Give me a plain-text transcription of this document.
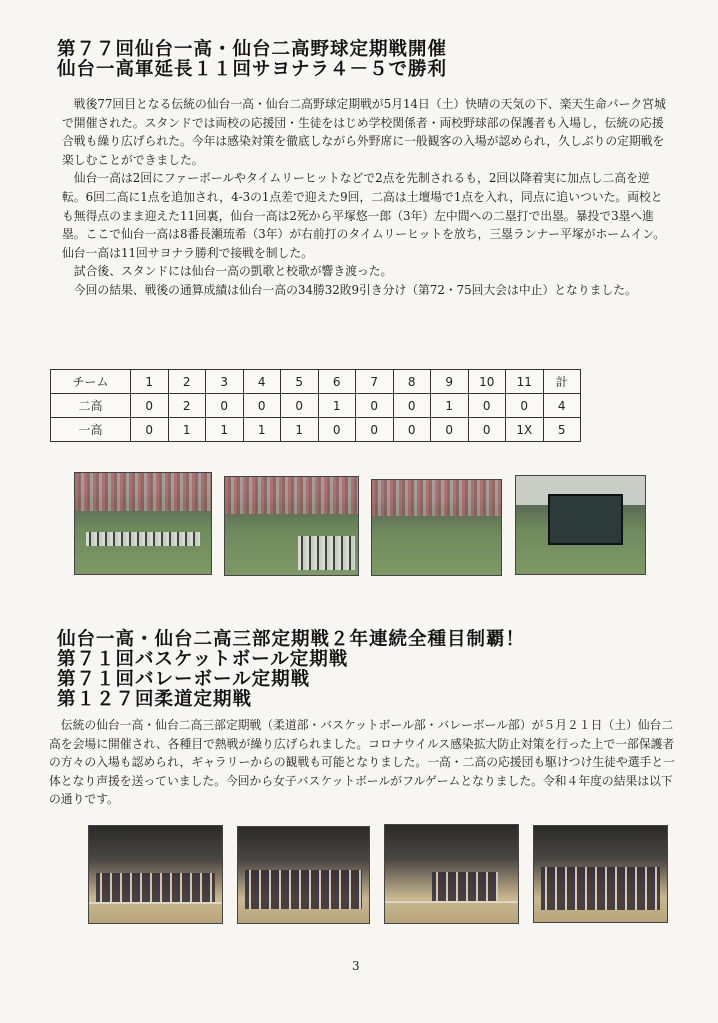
第７７回仙台一高・仙台二高野球定期戦開催

仙台一高軍延長１１回サヨナラ４－５で勝利

戦後77回目となる伝統の仙台一高・仙台二高野球定期戦が5月14日（土）快晴の天気の下、楽天生命パーク宮城で開催された。スタンドでは両校の応援団・生徒をはじめ学校関係者・両校野球部の保護者も入場し，伝統の応援合戦も繰り広げられた。今年は感染対策を徹底しながら外野席に一般観客の入場が認められ，久しぶりの定期戦を楽しむことができました。

仙台一高は2回にファーボールやタイムリーヒットなどで2点を先制されるも，2回以降着実に加点し二高を逆転。6回二高に1点を追加され，4-3の1点差で迎えた9回，二高は土壇場で1点を入れ，同点に追いついた。両校とも無得点のまま迎えた11回裏，仙台一高は2死から平塚悠一郎（3年）左中間への二塁打で出塁。暴投で3塁へ進塁。ここで仙台一高は8番長瀬琉希（3年）が右前打のタイムリーヒットを放ち，三塁ランナー平塚がホームイン。仙台一高は11回サヨナラ勝利で接戦を制した。

試合後、スタンドには仙台一高の凱歌と校歌が響き渡った。

今回の結果、戦後の通算成績は仙台一高の34勝32敗9引き分け（第72・75回大会は中止）となりました。

チーム	1	2	3	4	5	6	7	8	9	10	11	計
二高	0	2	0	0	0	1	0	0	1	0	0	4
一高	0	1	1	1	1	0	0	0	0	0	1X	5

仙台一高・仙台二高三部定期戦２年連続全種目制覇！

第７１回バスケットボール定期戦

第７１回バレーボール定期戦

第１２７回柔道定期戦

伝統の仙台一高・仙台二高三部定期戦（柔道部・バスケットボール部・バレーボール部）が５月２１日（土）仙台二高を会場に開催され、各種目で熱戦が繰り広げられました。コロナウイルス感染拡大防止対策を行った上で一部保護者の方々の入場も認められ，ギャラリーからの観戦も可能となりました。一高・二高の応援団も駆けつけ生徒や選手と一体となり声援を送っていました。今回から女子バスケットボールがフルゲームとなりました。令和４年度の結果は以下の通りです。

3
